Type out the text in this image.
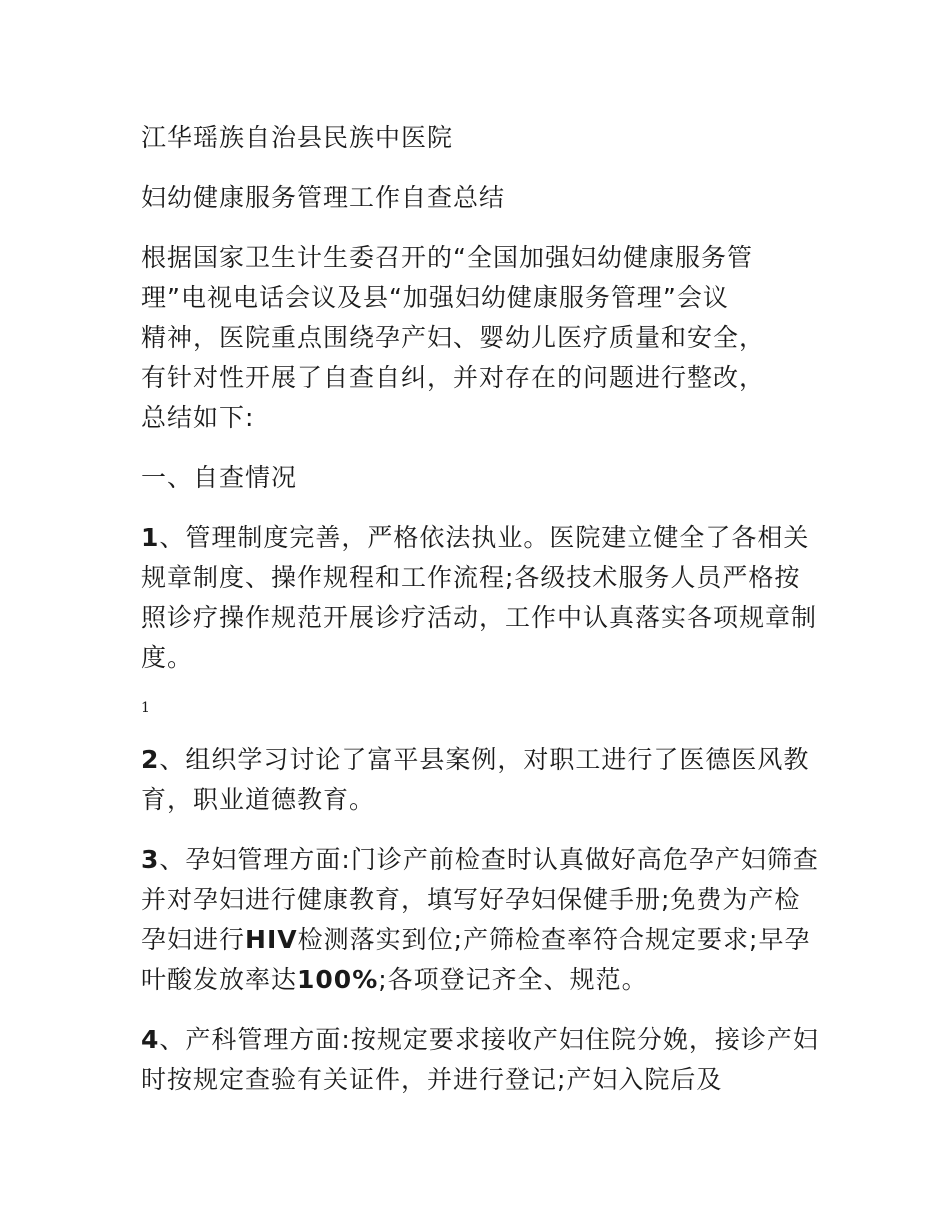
江华瑶族自治县民族中医院

妇幼健康服务管理工作自查总结

根据国家卫生计生委召开的“全国加强妇幼健康服务管
理”电视电话会议及县“加强妇幼健康服务管理”会议
精神，医院重点围绕孕产妇、婴幼儿医疗质量和安全，
有针对性开展了自查自纠，并对存在的问题进行整改，
总结如下:

一、自查情况

1、管理制度完善，严格依法执业。医院建立健全了各相关规章制度、操作规程和工作流程;各级技术服务人员严格按照诊疗操作规范开展诊疗活动，工作中认真落实各项规章制度。

1

2、组织学习讨论了富平县案例，对职工进行了医德医风教育，职业道德教育。

3、孕妇管理方面:门诊产前检查时认真做好高危孕产妇筛查并对孕妇进行健康教育，填写好孕妇保健手册;免费为产检孕妇进行HIV检测落实到位;产筛检查率符合规定要求;早孕叶酸发放率达100%;各项登记齐全、规范。

4、产科管理方面:按规定要求接收产妇住院分娩，接诊产妇时按规定查验有关证件，并进行登记;产妇入院后及
